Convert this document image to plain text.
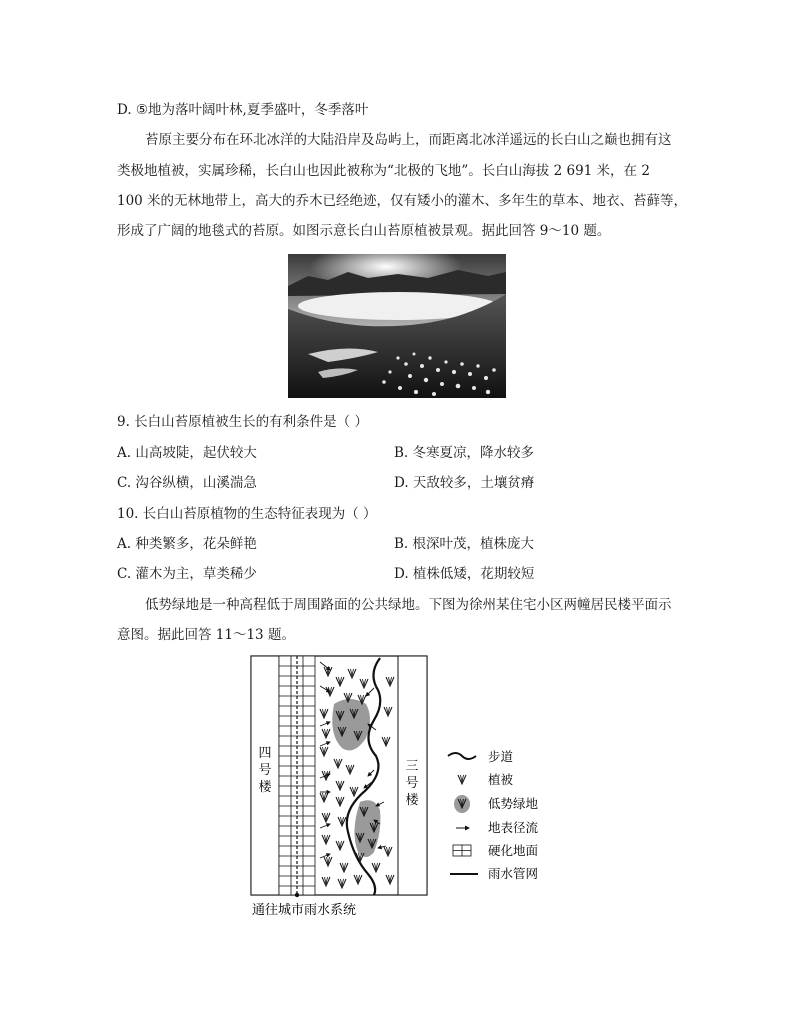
D. ⑤地为落叶阔叶林,夏季盛叶，冬季落叶
苔原主要分布在环北冰洋的大陆沿岸及岛屿上，而距离北冰洋遥远的长白山之巅也拥有这
类极地植被，实属珍稀，长白山也因此被称为“北极的飞地”。长白山海拔 2 691 米，在 2
100 米的无林地带上，高大的乔木已经绝迹，仅有矮小的灌木、多年生的草本、地衣、苔藓等，
形成了广阔的地毯式的苔原。如图示意长白山苔原植被景观。据此回答 9～10 题。
9. 长白山苔原植被生长的有利条件是（ ）
A. 山高坡陡，起伏较大	B. 冬寒夏凉，降水较多
C. 沟谷纵横，山溪湍急	D. 天敌较多，土壤贫瘠
10. 长白山苔原植物的生态特征表现为（ ）
A. 种类繁多，花朵鲜艳	B. 根深叶茂，植株庞大
C. 灌木为主，草类稀少	D. 植株低矮，花期较短
低势绿地是一种高程低于周围路面的公共绿地。下图为徐州某住宅小区两幢居民楼平面示
意图。据此回答 11～13 题。
四
号
楼
三
号
楼
通往城市雨水系统
步道
植被
低势绿地
地表径流
硬化地面
雨水管网
